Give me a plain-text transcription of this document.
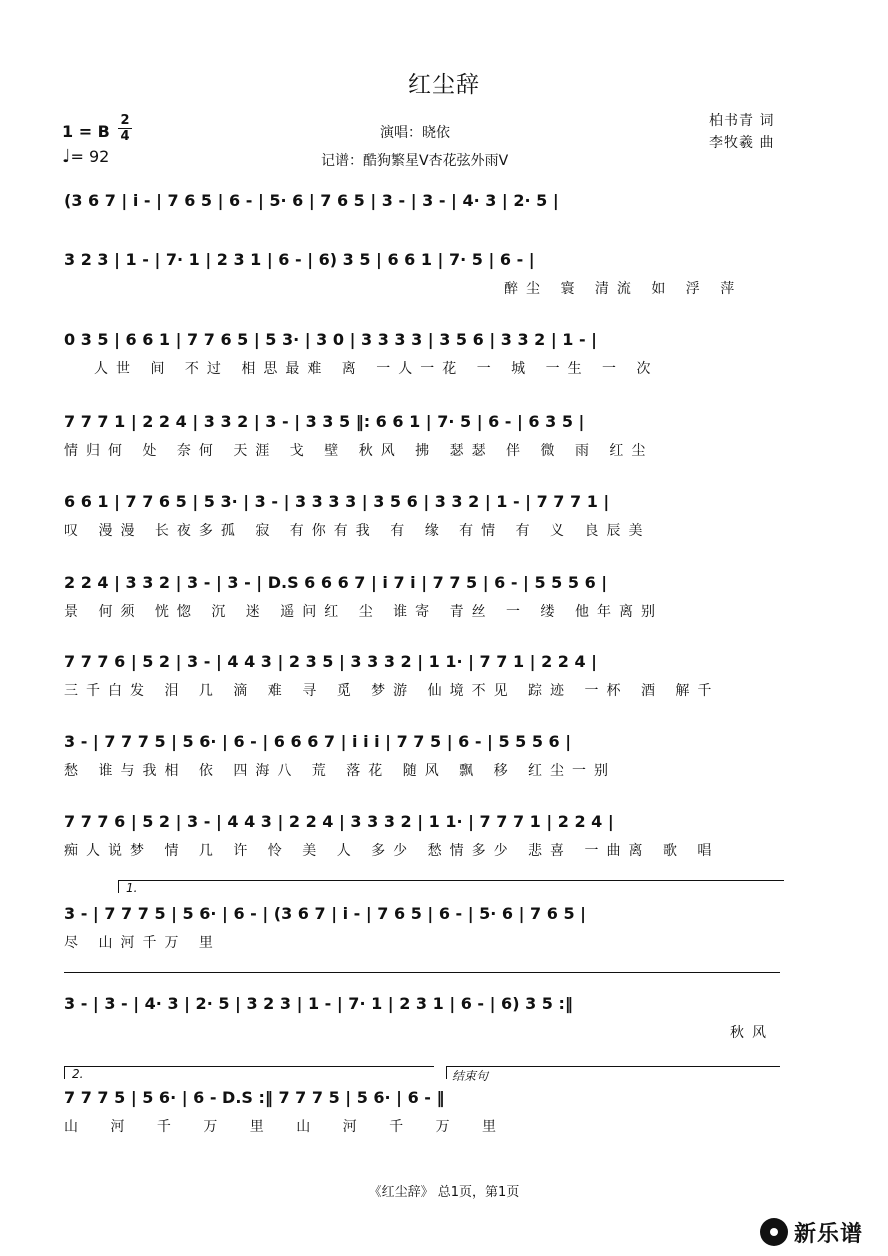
红尘辞
1 = B
2
4
♩= 92
演唱：晓依
记谱：酷狗繁星V杏花弦外雨V
柏书青 词
李牧羲 曲
(3 6 7 | i - | 7 6 5 | 6 - | 5· 6 | 7 6 5 | 3 - | 3 - | 4· 3 | 2· 5 |
3 2 3 | 1 - | 7· 1 | 2 3 1 | 6 - | 6) 3 5 | 6 6 1 | 7· 5 | 6 - |
醉尘 寰 清流 如 浮 萍
0 3 5 | 6 6 1 | 7 7 6 5 | 5 3· | 3 0 | 3 3 3 3 | 3 5 6 | 3 3 2 | 1 - |
人世 间 不过 相思最难 离 一人一花 一 城 一生 一 次
7 7 7 1 | 2 2 4 | 3 3 2 | 3 - | 3 3 5 ‖: 6 6 1 | 7· 5 | 6 - | 6 3 5 |
情归何 处 奈何 天涯 戈 壁 秋风 拂 瑟瑟 伴 微 雨 红尘
6 6 1 | 7 7 6 5 | 5 3· | 3 - | 3 3 3 3 | 3 5 6 | 3 3 2 | 1 - | 7 7 7 1 |
叹 漫漫 长夜多孤 寂 有你有我 有 缘 有情 有 义 良辰美
2 2 4 | 3 3 2 | 3 - | 3 - | D.S 6 6 6 7 | i 7 i | 7 7 5 | 6 - | 5 5 5 6 |
景 何须 恍惚 沉 迷 遥问红 尘 谁寄 青丝 一 缕 他年离别
7 7 7 6 | 5 2 | 3 - | 4 4 3 | 2 3 5 | 3 3 3 2 | 1 1· | 7 7 1 | 2 2 4 |
三千白发 泪 几 滴 难 寻 觅 梦游 仙境不见 踪迹 一杯 酒 解千
3 - | 7 7 7 5 | 5 6· | 6 - | 6 6 6 7 | i i i | 7 7 5 | 6 - | 5 5 5 6 |
愁 谁与我相 依 四海八 荒 落花 随风 飘 移 红尘一别
7 7 7 6 | 5 2 | 3 - | 4 4 3 | 2 2 4 | 3 3 3 2 | 1 1· | 7 7 7 1 | 2 2 4 |
痴人说梦 情 几 许 怜 美 人 多少 愁情多少 悲喜 一曲离 歌 唱
1.
3 - | 7 7 7 5 | 5 6· | 6 - | (3 6 7 | i - | 7 6 5 | 6 - | 5· 6 | 7 6 5 |
尽 山河千万 里
3 - | 3 - | 4· 3 | 2· 5 | 3 2 3 | 1 - | 7· 1 | 2 3 1 | 6 - | 6) 3 5 :‖
秋风
2.	结束句
7 7 7 5 | 5 6· | 6 - D.S :‖ 7 7 7 5 | 5 6· | 6 - ‖
山 河 千 万 里 山 河 千 万 里
《红尘辞》 总1页，第1页
新乐谱
